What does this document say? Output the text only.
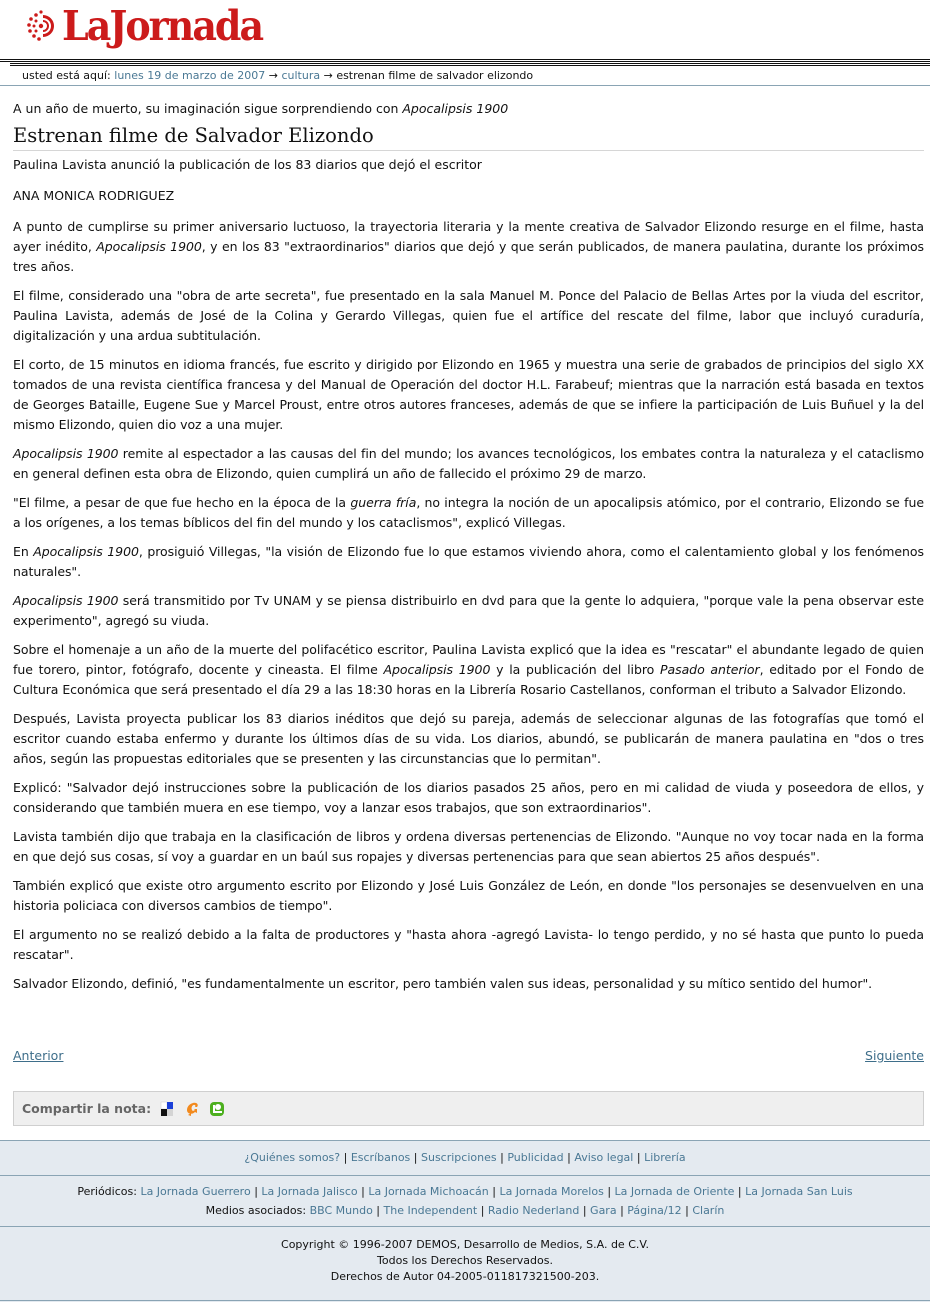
LaJornada
usted está aquí: lunes 19 de marzo de 2007 → cultura → estrenan filme de salvador elizondo

A un año de muerto, su imaginación sigue sorprendiendo con Apocalipsis 1900

Estrenan filme de Salvador Elizondo

Paulina Lavista anunció la publicación de los 83 diarios que dejó el escritor

ANA MONICA RODRIGUEZ

A punto de cumplirse su primer aniversario luctuoso, la trayectoria literaria y la mente creativa de Salvador Elizondo resurge en el filme, hasta ayer inédito, Apocalipsis 1900, y en los 83 "extraordinarios" diarios que dejó y que serán publicados, de manera paulatina, durante los próximos tres años.

El filme, considerado una "obra de arte secreta", fue presentado en la sala Manuel M. Ponce del Palacio de Bellas Artes por la viuda del escritor, Paulina Lavista, además de José de la Colina y Gerardo Villegas, quien fue el artífice del rescate del filme, labor que incluyó curaduría, digitalización y una ardua subtitulación.

El corto, de 15 minutos en idioma francés, fue escrito y dirigido por Elizondo en 1965 y muestra una serie de grabados de principios del siglo XX tomados de una revista científica francesa y del Manual de Operación del doctor H.L. Farabeuf; mientras que la narración está basada en textos de Georges Bataille, Eugene Sue y Marcel Proust, entre otros autores franceses, además de que se infiere la participación de Luis Buñuel y la del mismo Elizondo, quien dio voz a una mujer.

Apocalipsis 1900 remite al espectador a las causas del fin del mundo; los avances tecnológicos, los embates contra la naturaleza y el cataclismo en general definen esta obra de Elizondo, quien cumplirá un año de fallecido el próximo 29 de marzo.

"El filme, a pesar de que fue hecho en la época de la guerra fría, no integra la noción de un apocalipsis atómico, por el contrario, Elizondo se fue a los orígenes, a los temas bíblicos del fin del mundo y los cataclismos", explicó Villegas.

En Apocalipsis 1900, prosiguió Villegas, "la visión de Elizondo fue lo que estamos viviendo ahora, como el calentamiento global y los fenómenos naturales".

Apocalipsis 1900 será transmitido por Tv UNAM y se piensa distribuirlo en dvd para que la gente lo adquiera, "porque vale la pena observar este experimento", agregó su viuda.

Sobre el homenaje a un año de la muerte del polifacético escritor, Paulina Lavista explicó que la idea es "rescatar" el abundante legado de quien fue torero, pintor, fotógrafo, docente y cineasta. El filme Apocalipsis 1900 y la publicación del libro Pasado anterior, editado por el Fondo de Cultura Económica que será presentado el día 29 a las 18:30 horas en la Librería Rosario Castellanos, conforman el tributo a Salvador Elizondo.

Después, Lavista proyecta publicar los 83 diarios inéditos que dejó su pareja, además de seleccionar algunas de las fotografías que tomó el escritor cuando estaba enfermo y durante los últimos días de su vida. Los diarios, abundó, se publicarán de manera paulatina en "dos o tres años, según las propuestas editoriales que se presenten y las circunstancias que lo permitan".

Explicó: "Salvador dejó instrucciones sobre la publicación de los diarios pasados 25 años, pero en mi calidad de viuda y poseedora de ellos, y considerando que también muera en ese tiempo, voy a lanzar esos trabajos, que son extraordinarios".

Lavista también dijo que trabaja en la clasificación de libros y ordena diversas pertenencias de Elizondo. "Aunque no voy tocar nada en la forma en que dejó sus cosas, sí voy a guardar en un baúl sus ropajes y diversas pertenencias para que sean abiertos 25 años después".

También explicó que existe otro argumento escrito por Elizondo y José Luis González de León, en donde "los personajes se desenvuelven en una historia policiaca con diversos cambios de tiempo".

El argumento no se realizó debido a la falta de productores y "hasta ahora -agregó Lavista- lo tengo perdido, y no sé hasta que punto lo pueda rescatar".

Salvador Elizondo, definió, "es fundamentalmente un escritor, pero también valen sus ideas, personalidad y su mítico sentido del humor".

Anterior	Siguiente
Compartir la nota:
¿Quiénes somos? | Escríbanos | Suscripciones | Publicidad | Aviso legal | Librería
Periódicos: La Jornada Guerrero | La Jornada Jalisco | La Jornada Michoacán | La Jornada Morelos | La Jornada de Oriente | La Jornada San Luis
Medios asociados: BBC Mundo | The Independent | Radio Nederland | Gara | Página/12 | Clarín
Copyright © 1996-2007 DEMOS, Desarrollo de Medios, S.A. de C.V.
Todos los Derechos Reservados.
Derechos de Autor 04-2005-011817321500-203.
